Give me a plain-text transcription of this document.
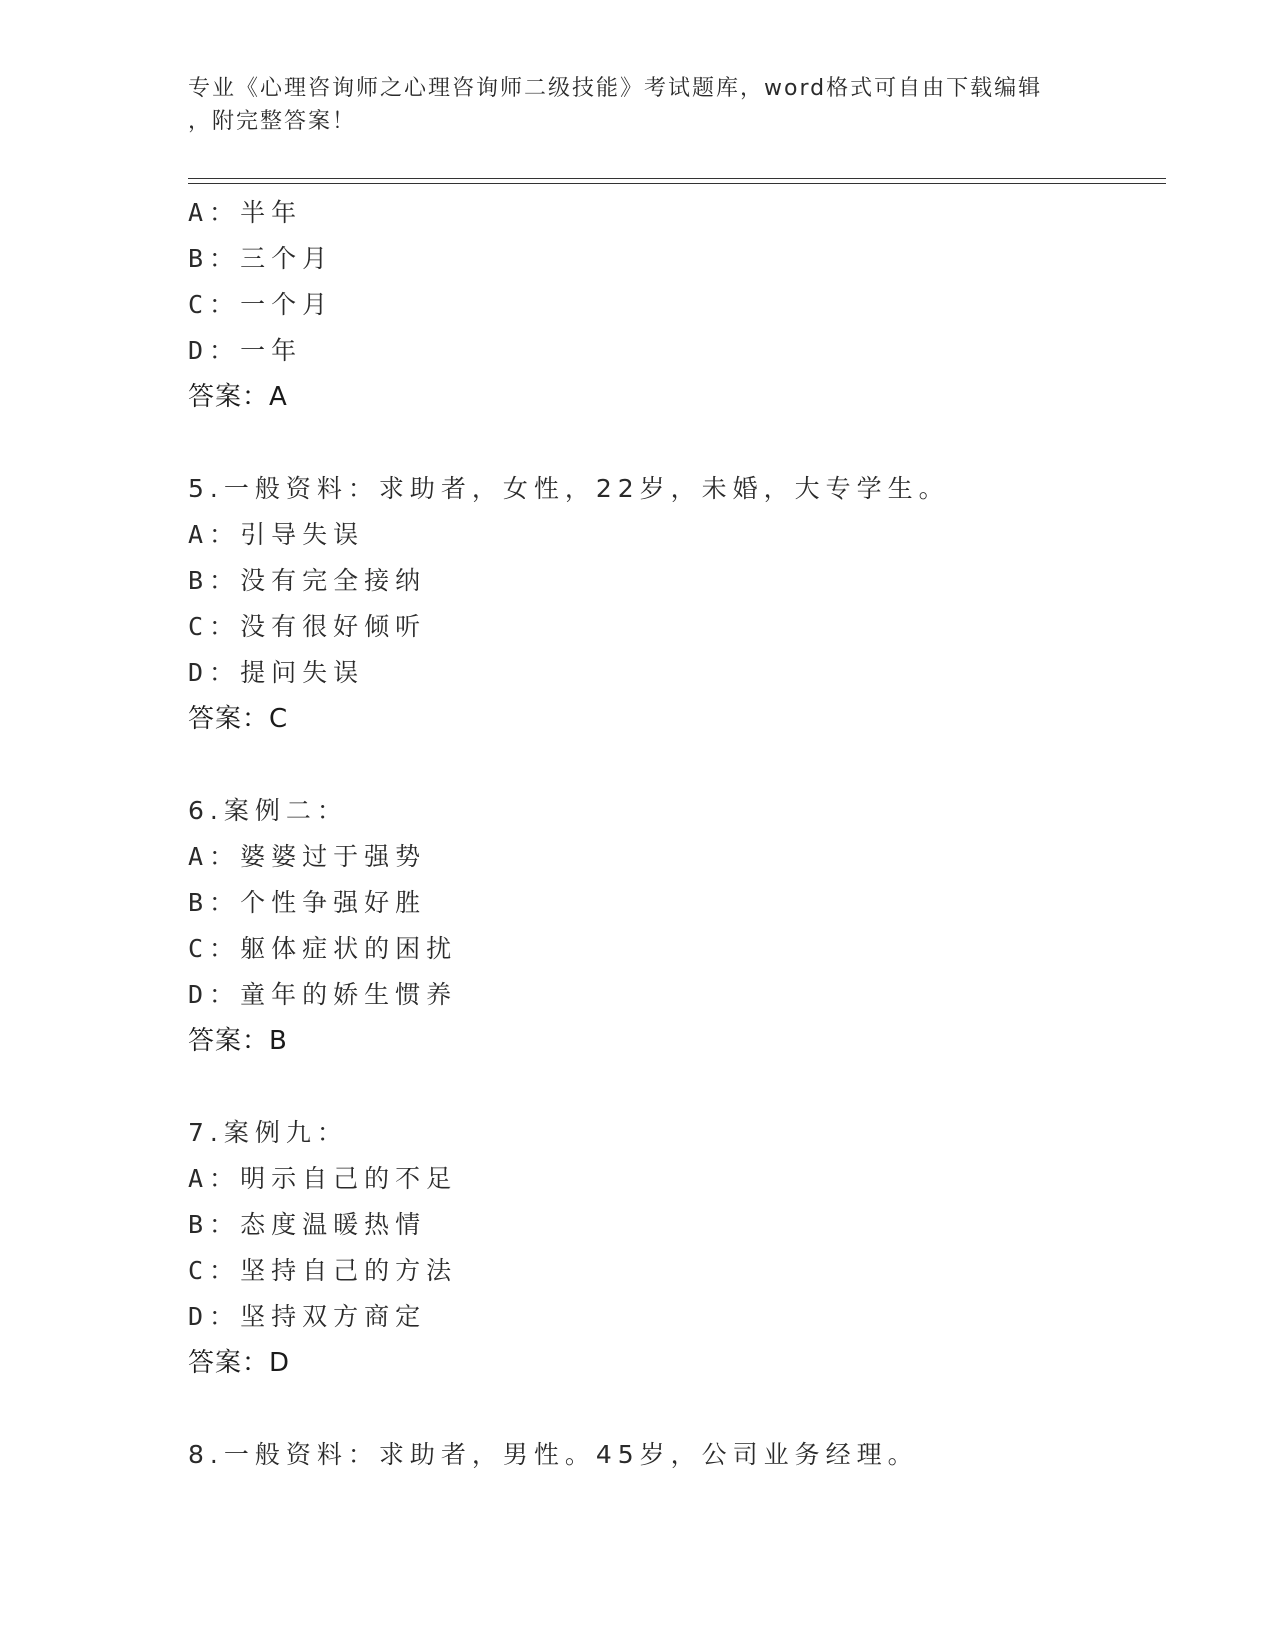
专业《心理咨询师之心理咨询师二级技能》考试题库，word格式可自由下载编辑
，附完整答案！
A：半年
B：三个月
C：一个月
D：一年
答案：A
5.一般资料：求助者，女性，22岁，未婚，大专学生。
A：引导失误
B：没有完全接纳
C：没有很好倾听
D：提问失误
答案：C
6.案例二：
A：婆婆过于强势
B：个性争强好胜
C：躯体症状的困扰
D：童年的娇生惯养
答案：B
7.案例九：
A：明示自己的不足
B：态度温暖热情
C：坚持自己的方法
D：坚持双方商定
答案：D
8.一般资料：求助者，男性。45岁，公司业务经理。
